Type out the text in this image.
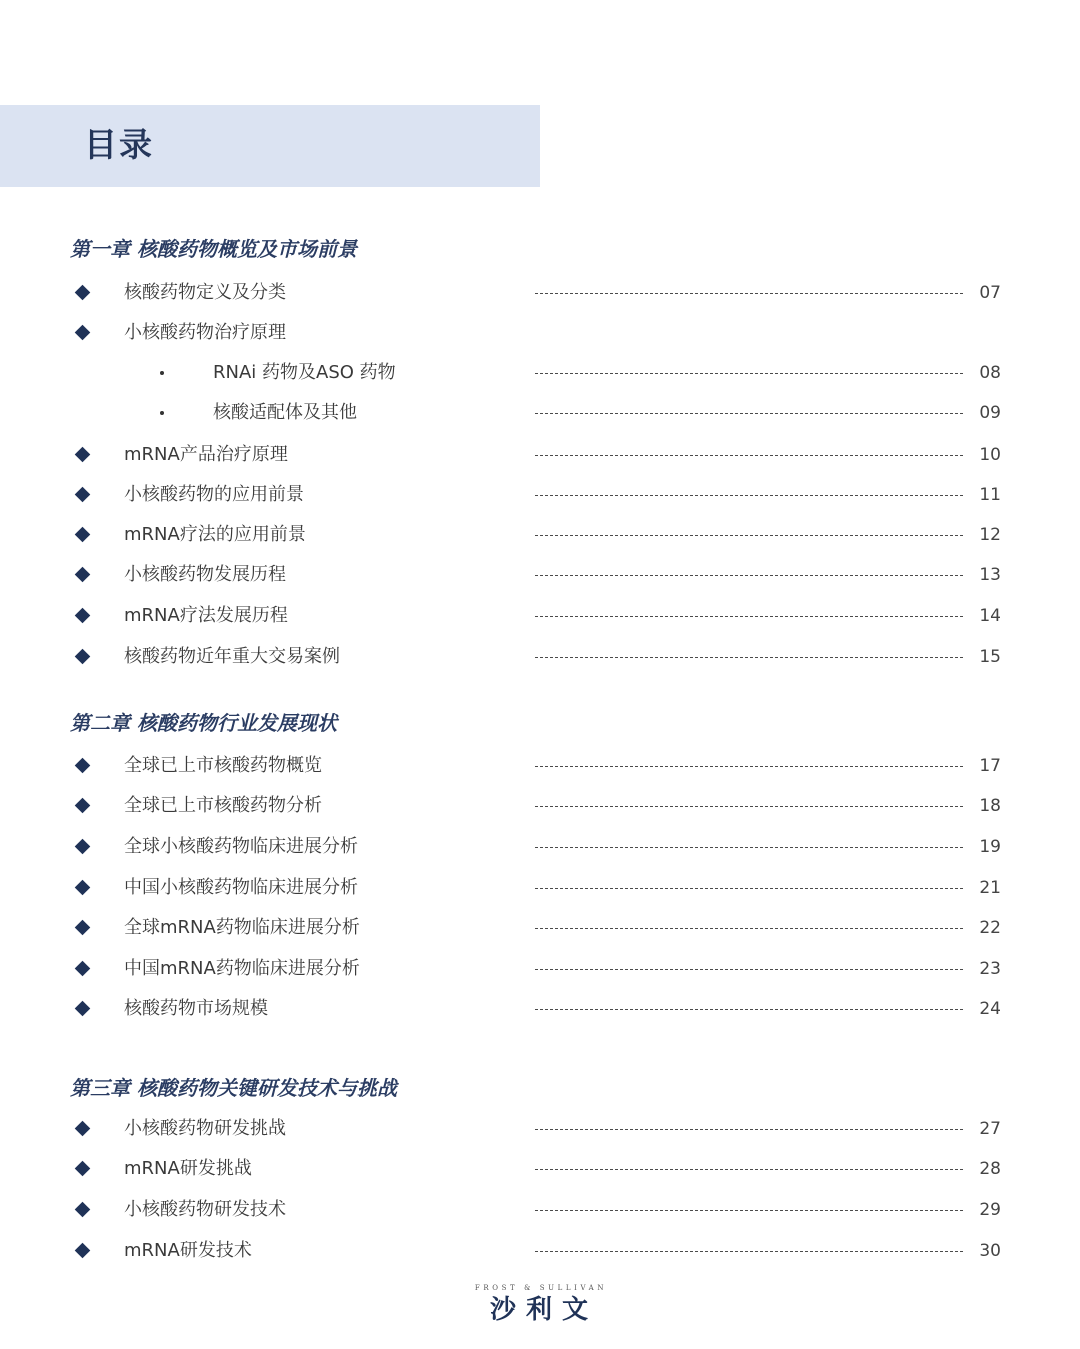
目录
第一章 核酸药物概览及市场前景
核酸药物定义及分类	07
小核酸药物治疗原理
RNAi 药物及ASO 药物	08
核酸适配体及其他	09
mRNA产品治疗原理	10
小核酸药物的应用前景	11
mRNA疗法的应用前景	12
小核酸药物发展历程	13
mRNA疗法发展历程	14
核酸药物近年重大交易案例	15
第二章 核酸药物行业发展现状
全球已上市核酸药物概览	17
全球已上市核酸药物分析	18
全球小核酸药物临床进展分析	19
中国小核酸药物临床进展分析	21
全球mRNA药物临床进展分析	22
中国mRNA药物临床进展分析	23
核酸药物市场规模	24
第三章 核酸药物关键研发技术与挑战
小核酸药物研发挑战	27
mRNA研发挑战	28
小核酸药物研发技术	29
mRNA研发技术	30
FROST & SULLIVAN
沙利文
